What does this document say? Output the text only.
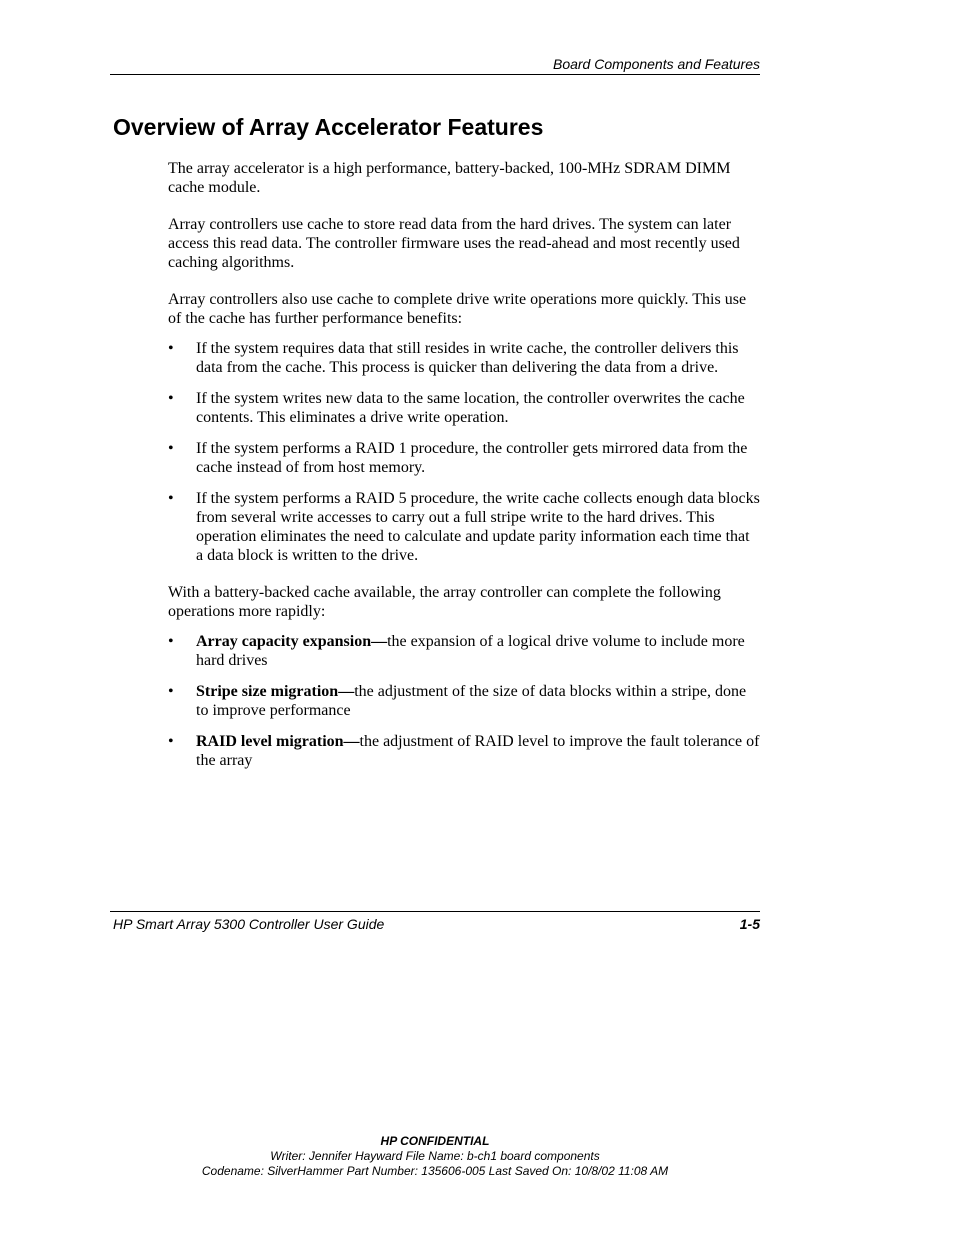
Board Components and Features
Overview of Array Accelerator Features

The array accelerator is a high performance, battery-backed, 100-MHz SDRAM DIMM cache module.

Array controllers use cache to store read data from the hard drives. The system can later access this read data. The controller firmware uses the read-ahead and most recently used caching algorithms.

Array controllers also use cache to complete drive write operations more quickly. This use of the cache has further performance benefits:

• If the system requires data that still resides in write cache, the controller delivers this data from the cache. This process is quicker than delivering the data from a drive.
• If the system writes new data to the same location, the controller overwrites the cache contents. This eliminates a drive write operation.
• If the system performs a RAID 1 procedure, the controller gets mirrored data from the cache instead of from host memory.
• If the system performs a RAID 5 procedure, the write cache collects enough data blocks from several write accesses to carry out a full stripe write to the hard drives. This operation eliminates the need to calculate and update parity information each time that a data block is written to the drive.

With a battery-backed cache available, the array controller can complete the following operations more rapidly:

• Array capacity expansion—the expansion of a logical drive volume to include more hard drives
• Stripe size migration—the adjustment of the size of data blocks within a stripe, done to improve performance
• RAID level migration—the adjustment of RAID level to improve the fault tolerance of the array
HP Smart Array 5300 Controller User Guide	1-5
HP CONFIDENTIAL
Writer: Jennifer Hayward File Name: b-ch1 board components
Codename: SilverHammer Part Number: 135606-005 Last Saved On: 10/8/02 11:08 AM
